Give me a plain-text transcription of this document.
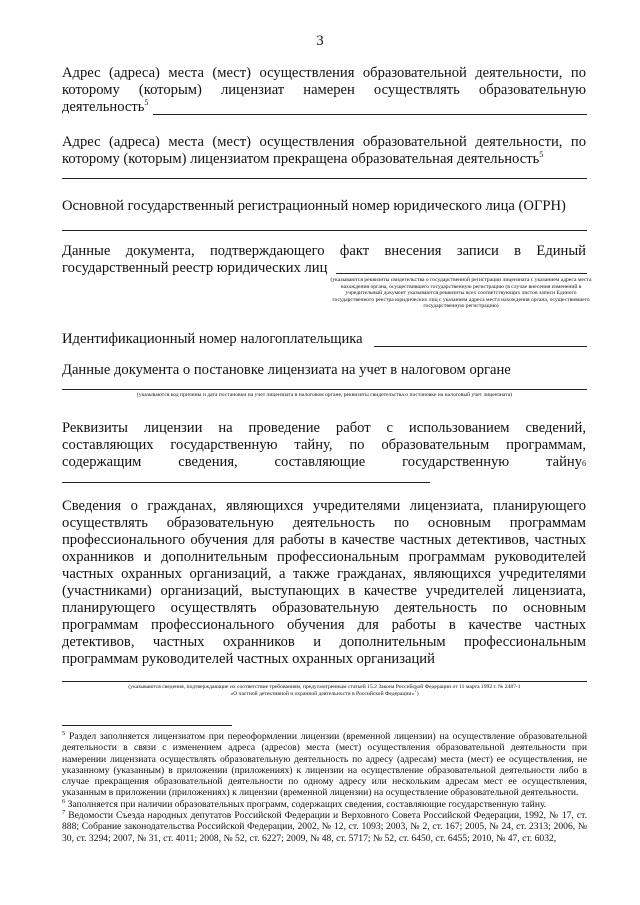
3
Адрес (адреса) места (мест) осуществления образовательной деятельности, по
которому (которым) лицензиат намерен осуществлять образовательную
деятельность$^5$
Адрес (адреса) места (мест) осуществления образовательной деятельности, по
которому (которым) лицензиатом прекращена образовательная деятельность$^5$
Основной государственный регистрационный номер юридического лица (ОГРН)
Данные документа, подтверждающего факт внесения записи в Единый
государственный реестр юридических лиц
(указываются реквизиты свидетельства о государственной регистрации лицензиата с указанием адреса места нахождения органа, осуществившего государственную регистрацию (в случае внесения изменений в учредительный документ указываются реквизиты всех соответствующих листов записи Единого государственного реестра юридических лиц с указанием адреса места нахождения органа, осуществившего государственную регистрацию)
Идентификационный номер налогоплательщика
Данные документа о постановке лицензиата на учет в налоговом органе
(указываются код причины и дата постановки на учет лицензиата в налоговом органе, реквизиты свидетельства о постановке на налоговый учет лицензиата)
Реквизиты лицензии на проведение работ с использованием сведений,
составляющих государственную тайну, по образовательным программам,
содержащим сведения, составляющие государственную тайну 6
Сведения о гражданах, являющихся учредителями лицензиата, планирующего
осуществлять образовательную деятельность по основным программам
профессионального обучения для работы в качестве частных детективов, частных
охранников и дополнительным профессиональным программам руководителей
частных охранных организаций, а также гражданах, являющихся учредителями
(участниками) организаций, выступающих в качестве учредителей лицензиата,
планирующего осуществлять образовательную деятельность по основным
программам профессионального обучения для работы в качестве частных
детективов, частных охранников и дополнительным профессиональным
программам руководителей частных охранных организаций
(указываются сведения, подтверждающие их соответствие требованиям, предусмотренным статьей 15.2 Закона Российской Федерации от 11 марта 1992 г. № 2487-1
«О частной детективной и охранной деятельности в Российской Федерации»$^7$)
$^5$ Раздел заполняется лицензиатом при переоформлении лицензии (временной лицензии) на осуществление образовательной деятельности в связи с изменением адреса (адресов) места (мест) осуществления образовательной деятельности при намерении лицензиата осуществлять образовательную деятельность по адресу (адресам) места (мест) ее осуществления, не указанному (указанным) в приложении (приложениях) к лицензии на осуществление образовательной деятельности либо в случае прекращения образовательной деятельности по одному адресу или нескольким адресам мест ее осуществления, указанным в приложении (приложениях) к лицензии (временной лицензии) на осуществление образовательной деятельности.
$^6$ Заполняется при наличии образовательных программ, содержащих сведения, составляющие государственную тайну.
$^7$ Ведомости Съезда народных депутатов Российской Федерации и Верховного Совета Российской Федерации, 1992, № 17, ст. 888; Собрание законодательства Российской Федерации, 2002, № 12, ст. 1093; 2003, № 2, ст. 167; 2005, № 24, ст. 2313; 2006, № 30, ст. 3294; 2007, № 31, ст. 4011; 2008, № 52, ст. 6227; 2009, № 48, ст. 5717; № 52, ст. 6450, ст. 6455; 2010, № 47, ст. 6032,
